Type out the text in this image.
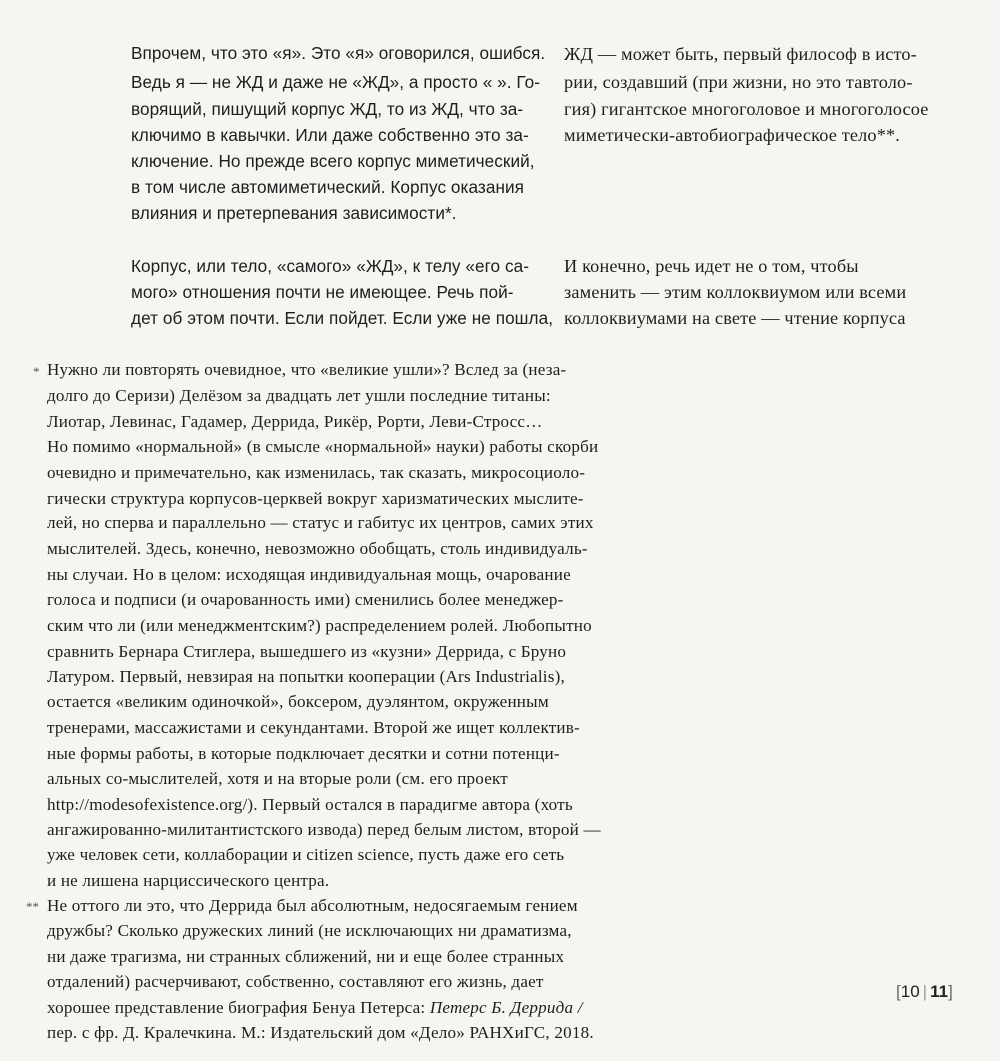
Впрочем, что это «я». Это «я» оговорился, ошибся.
Ведь я — не ЖД и даже не «ЖД», а просто « ». Го-
ворящий, пишущий корпус ЖД, то из ЖД, что за-
ключимо в кавычки. Или даже собственно это за-
ключение. Но прежде всего корпус миметический,
в том числе автомиметический. Корпус оказания
влияния и претерпевания зависимости*.
Корпус, или тело, «самого» «ЖД», к телу «его са-
мого» отношения почти не имеющее. Речь пой-
дет об этом почти. Если пойдет. Если уже не пошла,
ЖД — может быть, первый философ в исто-
рии, создавший (при жизни, но это тавтоло-
гия) гигантское многоголовое и многоголосое
миметически-автобиографическое тело**.
И конечно, речь идет не о том, чтобы
заменить — этим коллоквиумом или всеми
коллоквиумами на свете — чтение корпуса
* Нужно ли повторять очевидное, что «великие ушли»? Вслед за (неза-
долго до Серизи) Делёзом за двадцать лет ушли последние титаны:
Лиотар, Левинас, Гадамер, Деррида, Рикёр, Рорти, Леви-Стросс…
Но помимо «нормальной» (в смысле «нормальной» науки) работы скорби
очевидно и примечательно, как изменилась, так сказать, микросоциоло-
гически структура корпусов-церквей вокруг харизматических мыслите-
лей, но сперва и параллельно — статус и габитус их центров, самих этих
мыслителей. Здесь, конечно, невозможно обобщать, столь индивидуаль-
ны случаи. Но в целом: исходящая индивидуальная мощь, очарование
голоса и подписи (и очарованность ими) сменились более менеджер-
ским что ли (или менеджментским?) распределением ролей. Любопытно
сравнить Бернара Стиглера, вышедшего из «кузни» Деррида, с Бруно
Латуром. Первый, невзирая на попытки кооперации (Ars Industrialis),
остается «великим одиночкой», боксером, дуэлянтом, окруженным
тренерами, массажистами и секундантами. Второй же ищет коллектив-
ные формы работы, в которые подключает десятки и сотни потенци-
альных со-мыслителей, хотя и на вторые роли (см. его проект
http://modesofexistence.org/). Первый остался в парадигме автора (хоть
ангажированно-милитантистского извода) перед белым листом, второй —
уже человек сети, коллаборации и citizen science, пусть даже его сеть
и не лишена нарциссического центра.
** Не оттого ли это, что Деррида был абсолютным, недосягаемым гением
дружбы? Сколько дружеских линий (не исключающих ни драматизма,
ни даже трагизма, ни странных сближений, ни и еще более странных
отдалений) расчерчивают, собственно, составляют его жизнь, дает
хорошее представление биография Бенуа Петерса: Петерс Б. Деррида /
пер. с фр. Д. Кралечкина. М.: Издательский дом «Дело» РАНХиГС, 2018.
[10 | 11]
